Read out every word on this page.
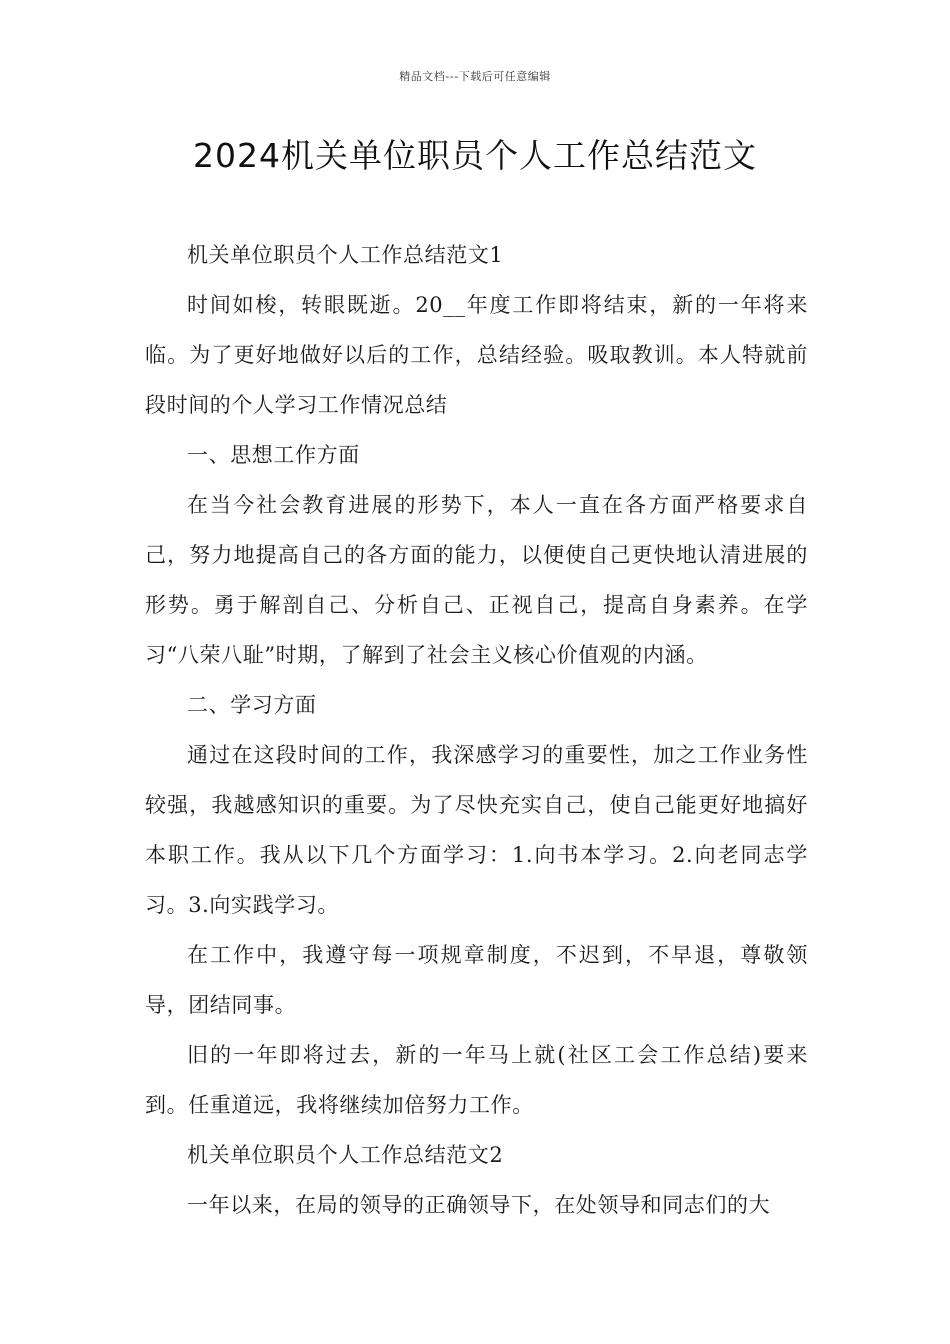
精品文档---下载后可任意编辑
2024机关单位职员个人工作总结范文

机关单位职员个人工作总结范文1

时间如梭，转眼既逝。20__年度工作即将结束，新的一年将来临。为了更好地做好以后的工作，总结经验。吸取教训。本人特就前段时间的个人学习工作情况总结

一、思想工作方面

在当今社会教育进展的形势下，本人一直在各方面严格要求自己，努力地提高自己的各方面的能力，以便使自己更快地认清进展的形势。勇于解剖自己、分析自己、正视自己，提高自身素养。在学习“八荣八耻”时期，了解到了社会主义核心价值观的内涵。

二、学习方面

通过在这段时间的工作，我深感学习的重要性，加之工作业务性较强，我越感知识的重要。为了尽快充实自己，使自己能更好地搞好本职工作。我从以下几个方面学习：1.向书本学习。2.向老同志学习。3.向实践学习。

在工作中，我遵守每一项规章制度，不迟到，不早退，尊敬领导，团结同事。

旧的一年即将过去，新的一年马上就(社区工会工作总结)要来到。任重道远，我将继续加倍努力工作。

机关单位职员个人工作总结范文2

一年以来，在局的领导的正确领导下，在处领导和同志们的大
